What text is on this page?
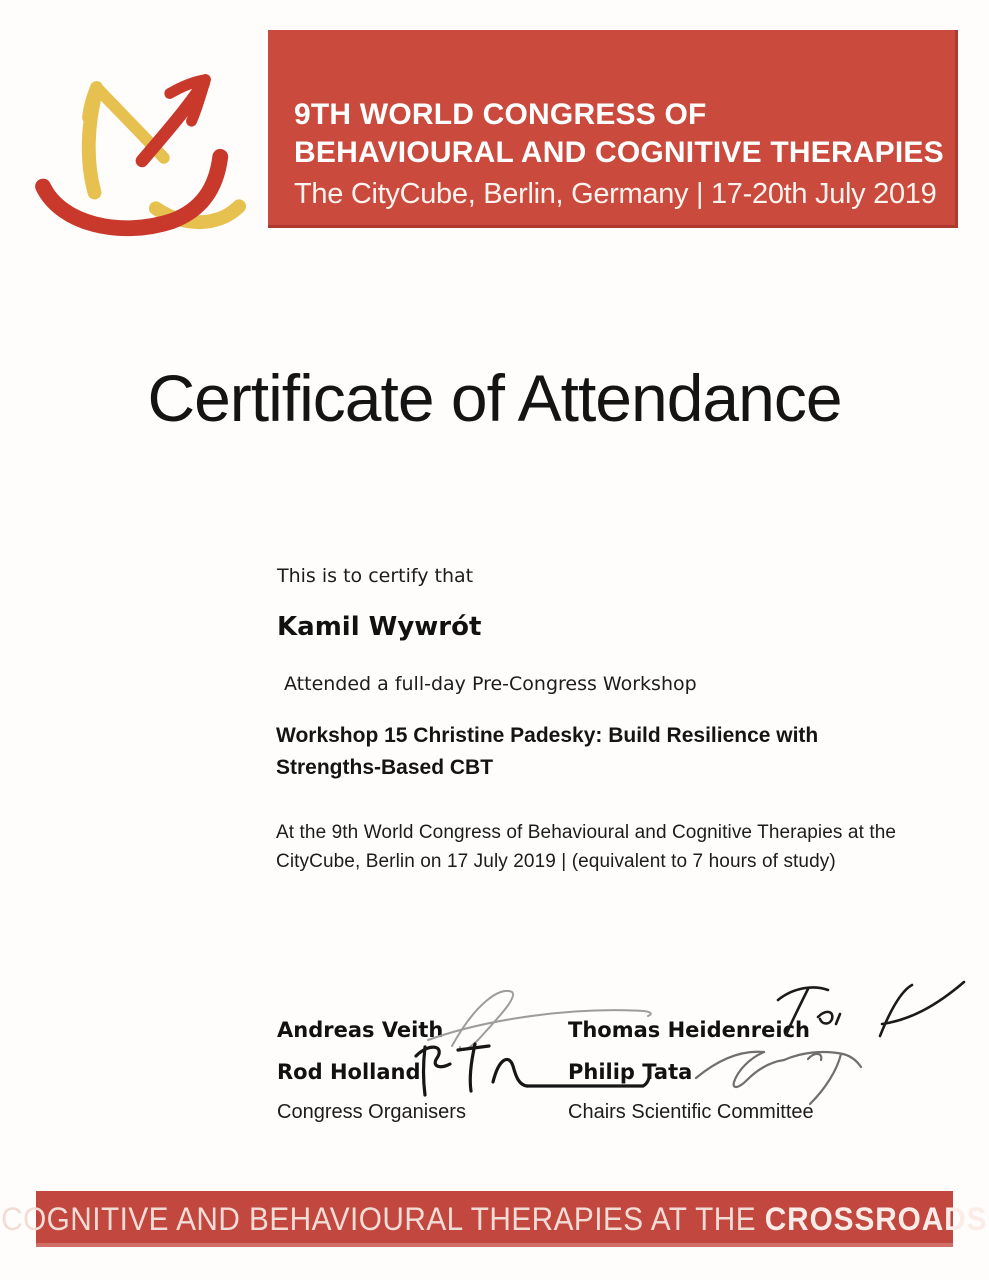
9TH WORLD CONGRESS OF
BEHAVIOURAL AND COGNITIVE THERAPIES
The CityCube, Berlin, Germany | 17-20th July 2019
Certificate of Attendance
This is to certify that
Kamil Wywrót
Attended a full-day Pre-Congress Workshop
Workshop 15 Christine Padesky: Build Resilience with
Strengths-Based CBT
At the 9th World Congress of Behavioural and Cognitive Therapies at the
CityCube, Berlin on 17 July 2019 | (equivalent to 7 hours of study)
Andreas Veith
Rod Holland
Congress Organisers
Thomas Heidenreich
Philip Tata
Chairs Scientific Committee
COGNITIVE AND BEHAVIOURAL THERAPIES AT THE CROSSROADS
